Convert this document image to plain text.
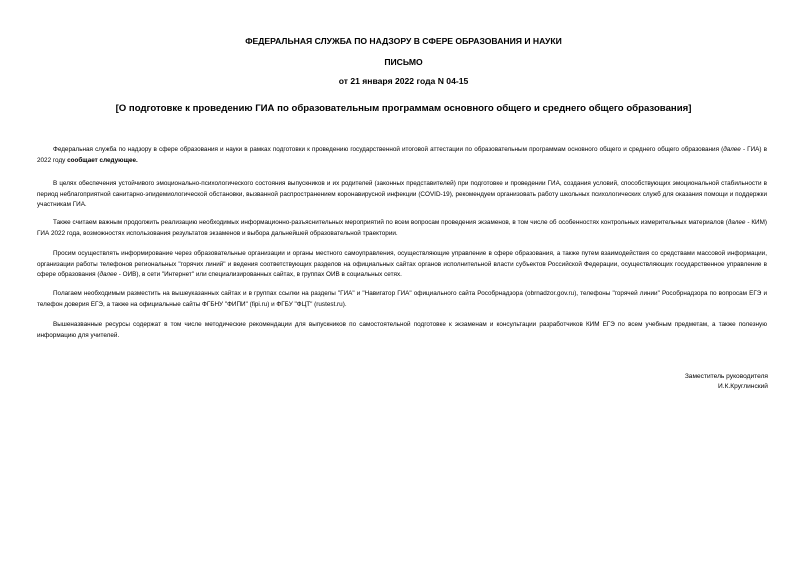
ФЕДЕРАЛЬНАЯ СЛУЖБА ПО НАДЗОРУ В СФЕРЕ ОБРАЗОВАНИЯ И НАУКИ
ПИСЬМО
от 21 января 2022 года N 04-15
[О подготовке к проведению ГИА по образовательным программам основного общего и среднего общего образования]

Федеральная служба по надзору в сфере образования и науки в рамках подготовки к проведению государственной итоговой аттестации по образовательным программам основного общего и среднего общего образования (далее - ГИА) в 2022 году сообщает следующее.

В целях обеспечения устойчивого эмоционально-психологического состояния выпускников и их родителей (законных представителей) при подготовке и проведении ГИА, создания условий, способствующих эмоциональной стабильности в период неблагоприятной санитарно-эпидемиологической обстановки, вызванной распространением коронавирусной инфекции (COVID-19), рекомендуем организовать работу школьных психологических служб для оказания помощи и поддержки участникам ГИА.

Также считаем важным продолжить реализацию необходимых информационно-разъяснительных мероприятий по всем вопросам проведения экзаменов, в том числе об особенностях контрольных измерительных материалов (далее - КИМ) ГИА 2022 года, возможностях использования результатов экзаменов и выбора дальнейшей образовательной траектории.

Просим осуществлять информирование через образовательные организации и органы местного самоуправления, осуществляющие управление в сфере образования, а также путем взаимодействия со средствами массовой информации, организации работы телефонов региональных "горячих линий" и ведения соответствующих разделов на официальных сайтах органов исполнительной власти субъектов Российской Федерации, осуществляющих государственное управление в сфере образования (далее - ОИВ), в сети "Интернет" или специализированных сайтах, в группах ОИВ в социальных сетях.

Полагаем необходимым разместить на вышеуказанных сайтах и в группах ссылки на разделы "ГИА" и "Навигатор ГИА" официального сайта Рособрнадзора (obrnadzor.gov.ru), телефоны "горячей линии" Рособрнадзора по вопросам ЕГЭ и телефон доверия ЕГЭ, а также на официальные сайты ФГБНУ "ФИПИ" (fipi.ru) и ФГБУ "ФЦТ" (rustest.ru).

Вышеназванные ресурсы содержат в том числе методические рекомендации для выпускников по самостоятельной подготовке к экзаменам и консультации разработчиков КИМ ЕГЭ по всем учебным предметам, а также полезную информацию для учителей.

Заместитель руководителя
И.К.Круглинский
